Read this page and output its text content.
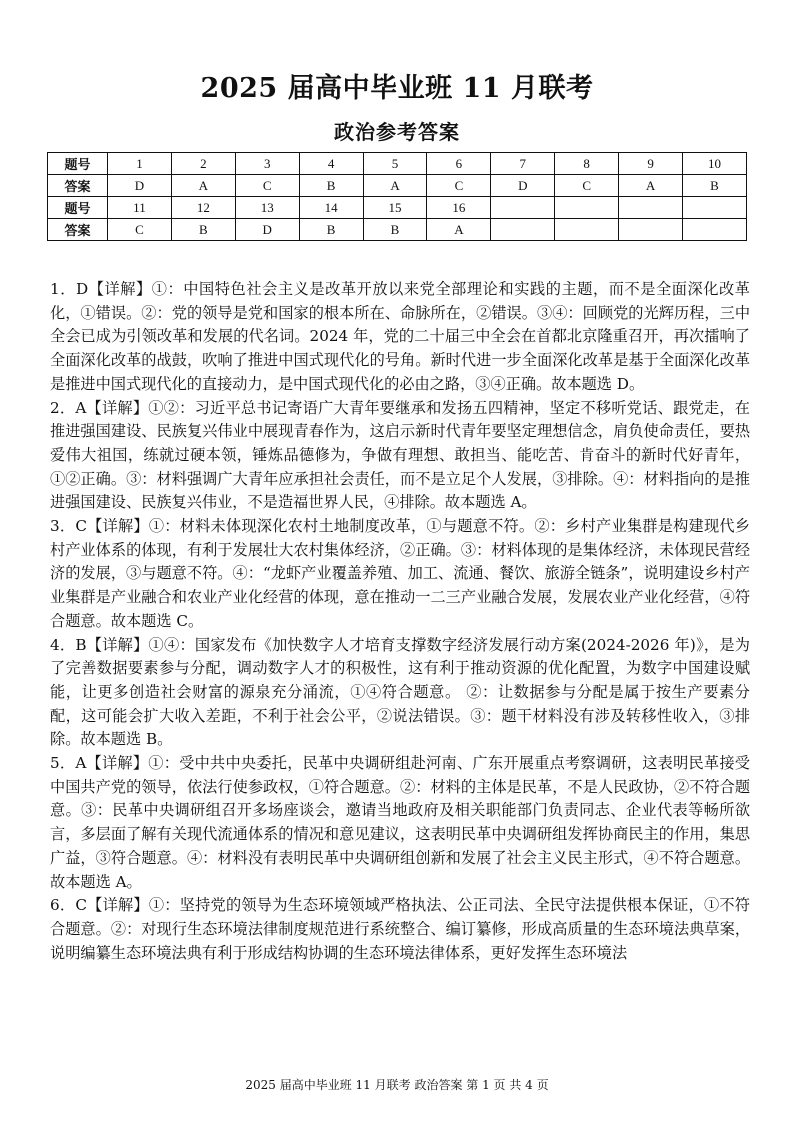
2025 届高中毕业班 11 月联考
政治参考答案
题号	1	2	3	4	5	6	7	8	9	10
答案	D	A	C	B	A	C	D	C	A	B
题号	11	12	13	14	15	16				
答案	C	B	D	B	B	A				

1．D【详解】①：中国特色社会主义是改革开放以来党全部理论和实践的主题，而不是全面深化改革化，①错误。②：党的领导是党和国家的根本所在、命脉所在，②错误。③④：回顾党的光辉历程，三中全会已成为引领改革和发展的代名词。2024 年，党的二十届三中全会在首都北京隆重召开，再次擂响了全面深化改革的战鼓，吹响了推进中国式现代化的号角。新时代进一步全面深化改革是基于全面深化改革是推进中国式现代化的直接动力，是中国式现代化的必由之路，③④正确。故本题选 D。

2．A【详解】①②：习近平总书记寄语广大青年要继承和发扬五四精神，坚定不移听党话、跟党走，在推进强国建设、民族复兴伟业中展现青春作为，这启示新时代青年要坚定理想信念，肩负使命责任，要热爱伟大祖国，练就过硬本领，锤炼品德修为，争做有理想、敢担当、能吃苦、肯奋斗的新时代好青年，①②正确。③：材料强调广大青年应承担社会责任，而不是立足个人发展，③排除。④：材料指向的是推进强国建设、民族复兴伟业，不是造福世界人民，④排除。故本题选 A。

3．C【详解】①：材料未体现深化农村土地制度改革，①与题意不符。②：乡村产业集群是构建现代乡村产业体系的体现，有利于发展壮大农村集体经济，②正确。③：材料体现的是集体经济，未体现民营经济的发展，③与题意不符。④：“龙虾产业覆盖养殖、加工、流通、餐饮、旅游全链条”，说明建设乡村产业集群是产业融合和农业产业化经营的体现，意在推动一二三产业融合发展，发展农业产业化经营，④符合题意。故本题选 C。

4．B【详解】①④：国家发布《加快数字人才培育支撑数字经济发展行动方案(2024-2026 年)》，是为了完善数据要素参与分配，调动数字人才的积极性，这有利于推动资源的优化配置，为数字中国建设赋能，让更多创造社会财富的源泉充分涌流，①④符合题意。 ②：让数据参与分配是属于按生产要素分配，这可能会扩大收入差距，不利于社会公平，②说法错误。③：题干材料没有涉及转移性收入，③排除。故本题选 B。

5．A【详解】①：受中共中央委托，民革中央调研组赴河南、广东开展重点考察调研，这表明民革接受中国共产党的领导，依法行使参政权，①符合题意。②：材料的主体是民革，不是人民政协，②不符合题意。③：民革中央调研组召开多场座谈会，邀请当地政府及相关职能部门负责同志、企业代表等畅所欲言，多层面了解有关现代流通体系的情况和意见建议，这表明民革中央调研组发挥协商民主的作用，集思广益，③符合题意。④：材料没有表明民革中央调研组创新和发展了社会主义民主形式，④不符合题意。故本题选 A。

6．C【详解】①：坚持党的领导为生态环境领域严格执法、公正司法、全民守法提供根本保证，①不符合题意。②：对现行生态环境法律制度规范进行系统整合、编订纂修，形成高质量的生态环境法典草案，说明编纂生态环境法典有利于形成结构协调的生态环境法律体系，更好发挥生态环境法

2025 届高中毕业班 11 月联考 政治答案 第 1 页 共 4 页
